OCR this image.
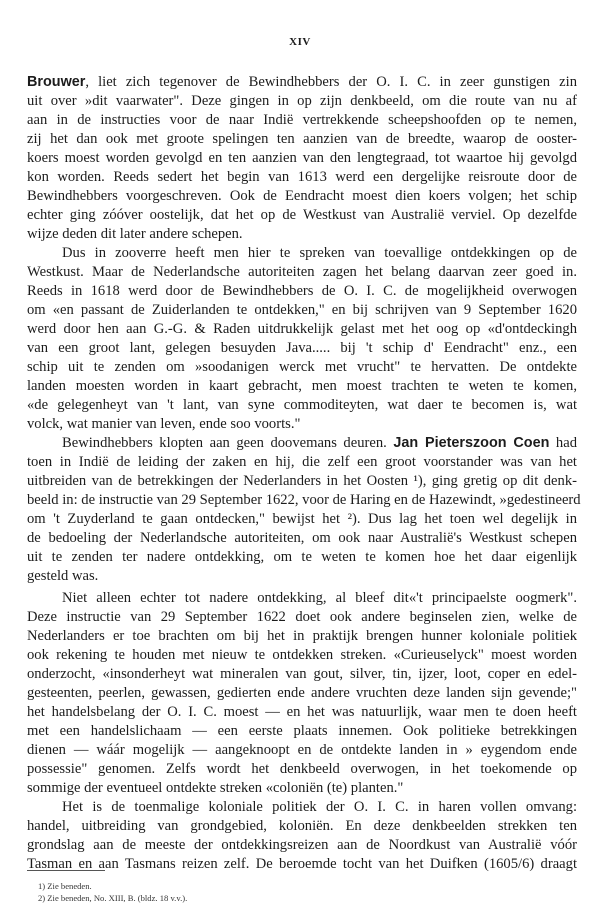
XIV
Brouwer, liet zich tegenover de Bewindhebbers der O. I. C. in zeer gunstigen zin
uit over »dit vaarwater". Deze gingen in op zijn denkbeeld, om die route van nu af
aan in de instructies voor de naar Indië vertrekkende scheepshoofden op te nemen,
zij het dan ook met groote spelingen ten aanzien van de breedte, waarop de ooster-
koers moest worden gevolgd en ten aanzien van den lengtegraad, tot waartoe hij gevolgd
kon worden. Reeds sedert het begin van 1613 werd een dergelijke reisroute door de
Bewindhebbers voorgeschreven. Ook de Eendracht moest dien koers volgen; het schip
echter ging zóóver oostelijk, dat het op de Westkust van Australië verviel. Op dezelfde
wijze deden dit later andere schepen.
Dus in zooverre heeft men hier te spreken van toevallige ontdekkingen op de
Westkust. Maar de Nederlandsche autoriteiten zagen het belang daarvan zeer goed in.
Reeds in 1618 werd door de Bewindhebbers de O. I. C. de mogelijkheid overwogen
om «en passant de Zuiderlanden te ontdekken," en bij schrijven van 9 September 1620
werd door hen aan G.-G. & Raden uitdrukkelijk gelast met het oog op «d'ontdeckingh
van een groot lant, gelegen besuyden Java..... bij 't schip d' Eendracht" enz., een
schip uit te zenden om »soodanigen werck met vrucht" te hervatten. De ontdekte
landen moesten worden in kaart gebracht, men moest trachten te weten te komen,
«de gelegenheyt van 't lant, van syne commoditeyten, wat daer te becomen is, wat
volck, wat manier van leven, ende soo voorts."
Bewindhebbers klopten aan geen doovemans deuren. Jan Pieterszoon Coen had
toen in Indië de leiding der zaken en hij, die zelf een groot voorstander was van het
uitbreiden van de betrekkingen der Nederlanders in het Oosten ¹), ging gretig op dit denk-
beeld in: de instructie van 29 September 1622, voor de Haring en de Hazewindt, »gedestineerd
om 't Zuyderland te gaan ontdecken," bewijst het ²). Dus lag het toen wel degelijk in
de bedoeling der Nederlandsche autoriteiten, om ook naar Australië's Westkust schepen
uit te zenden ter nadere ontdekking, om te weten te komen hoe het daar eigenlijk
gesteld was.
Niet alleen echter tot nadere ontdekking, al bleef dit«'t principaelste oogmerk".
Deze instructie van 29 September 1622 doet ook andere beginselen zien, welke de
Nederlanders er toe brachten om bij het in praktijk brengen hunner koloniale politiek
ook rekening te houden met nieuw te ontdekken streken. «Curieuselyck" moest worden
onderzocht, «insonderheyt wat mineralen van gout, silver, tin, ijzer, loot, coper en edel-
gesteenten, peerlen, gewassen, gedierten ende andere vruchten deze landen sijn gevende;"
het handelsbelang der O. I. C. moest — en het was natuurlijk, waar men te doen heeft
met een handelslichaam — een eerste plaats innemen. Ook politieke betrekkingen
dienen — wáár mogelijk — aangeknoopt en de ontdekte landen in » eygendom ende
possessie" genomen. Zelfs wordt het denkbeeld overwogen, in het toekomende op
sommige der eventueel ontdekte streken «coloniën (te) planten."
Het is de toenmalige koloniale politiek der O. I. C. in haren vollen omvang:
handel, uitbreiding van grondgebied, koloniën. En deze denkbeelden strekken ten
grondslag aan de meeste der ontdekkingsreizen aan de Noordkust van Australië vóór
Tasman en aan Tasmans reizen zelf. De beroemde tocht van het Duifken (1605/6) draagt
1) Zie beneden.
2) Zie beneden, No. XIII, B. (bldz. 18 v.v.).
